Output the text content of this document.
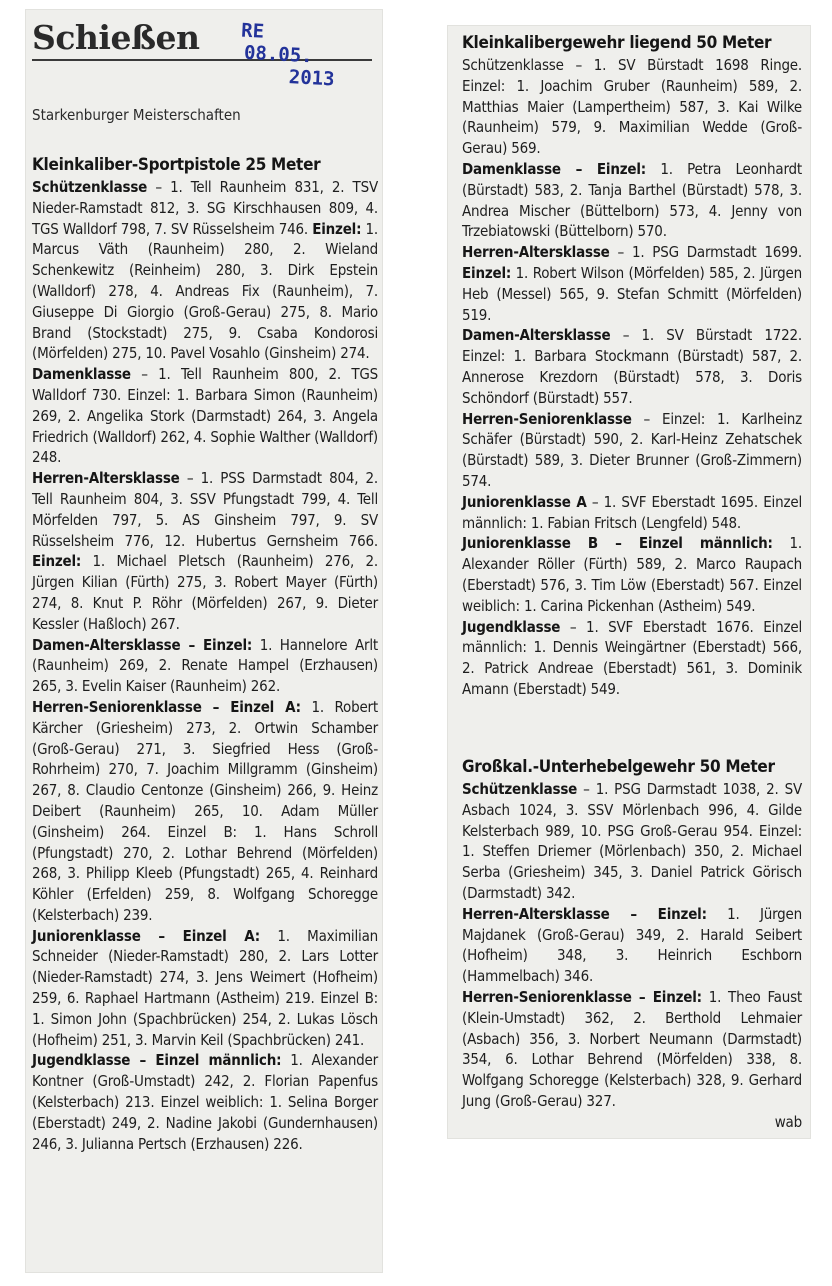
Schießen RE
08.05.
2013

Starkenburger Meisterschaften

Kleinkaliber-Sportpistole 25 Meter

Schützenklasse – 1. Tell Raunheim 831, 2. TSV Nieder-Ramstadt 812, 3. SG Kirschhausen 809, 4. TGS Walldorf 798, 7. SV Rüsselsheim 746. Einzel: 1. Marcus Väth (Raunheim) 280, 2. Wieland Schenkewitz (Reinheim) 280, 3. Dirk Epstein (Walldorf) 278, 4. Andreas Fix (Raunheim), 7. Giuseppe Di Giorgio (Groß-Gerau) 275, 8. Mario Brand (Stockstadt) 275, 9. Csaba Kondorosi (Mörfelden) 275, 10. Pavel Vosahlo (Ginsheim) 274.

Damenklasse – 1. Tell Raunheim 800, 2. TGS Walldorf 730. Einzel: 1. Barbara Simon (Raunheim) 269, 2. Angelika Stork (Darmstadt) 264, 3. Angela Friedrich (Walldorf) 262, 4. Sophie Walther (Walldorf) 248.

Herren-Altersklasse – 1. PSS Darmstadt 804, 2. Tell Raunheim 804, 3. SSV Pfungstadt 799, 4. Tell Mörfelden 797, 5. AS Ginsheim 797, 9. SV Rüsselsheim 776, 12. Hubertus Gernsheim 766. Einzel: 1. Michael Pletsch (Raunheim) 276, 2. Jürgen Kilian (Fürth) 275, 3. Robert Mayer (Fürth) 274, 8. Knut P. Röhr (Mörfelden) 267, 9. Dieter Kessler (Haßloch) 267.

Damen-Altersklasse – Einzel: 1. Hannelore Arlt (Raunheim) 269, 2. Renate Hampel (Erzhausen) 265, 3. Evelin Kaiser (Raunheim) 262.

Herren-Seniorenklasse – Einzel A: 1. Robert Kärcher (Griesheim) 273, 2. Ortwin Schamber (Groß-Gerau) 271, 3. Siegfried Hess (Groß-Rohrheim) 270, 7. Joachim Millgramm (Ginsheim) 267, 8. Claudio Centonze (Ginsheim) 266, 9. Heinz Deibert (Raunheim) 265, 10. Adam Müller (Ginsheim) 264. Einzel B: 1. Hans Schroll (Pfungstadt) 270, 2. Lothar Behrend (Mörfelden) 268, 3. Philipp Kleeb (Pfungstadt) 265, 4. Reinhard Köhler (Erfelden) 259, 8. Wolfgang Schoregge (Kelsterbach) 239.

Juniorenklasse – Einzel A: 1. Maximilian Schneider (Nieder-Ramstadt) 280, 2. Lars Lotter (Nieder-Ramstadt) 274, 3. Jens Weimert (Hofheim) 259, 6. Raphael Hartmann (Astheim) 219. Einzel B: 1. Simon John (Spachbrücken) 254, 2. Lukas Lösch (Hofheim) 251, 3. Marvin Keil (Spachbrücken) 241.

Jugendklasse – Einzel männlich: 1. Alexander Kontner (Groß-Umstadt) 242, 2. Florian Papenfus (Kelsterbach) 213. Einzel weiblich: 1. Selina Borger (Eberstadt) 249, 2. Nadine Jakobi (Gundernhausen) 246, 3. Julianna Pertsch (Erzhausen) 226.

Kleinkalibergewehr liegend 50 Meter

Schützenklasse – 1. SV Bürstadt 1698 Ringe. Einzel: 1. Joachim Gruber (Raunheim) 589, 2. Matthias Maier (Lampertheim) 587, 3. Kai Wilke (Raunheim) 579, 9. Maximilian Wedde (Groß-Gerau) 569.

Damenklasse – Einzel: 1. Petra Leonhardt (Bürstadt) 583, 2. Tanja Barthel (Bürstadt) 578, 3. Andrea Mischer (Büttelborn) 573, 4. Jenny von Trzebiatowski (Büttelborn) 570.

Herren-Altersklasse – 1. PSG Darmstadt 1699. Einzel: 1. Robert Wilson (Mörfelden) 585, 2. Jürgen Heb (Messel) 565, 9. Stefan Schmitt (Mörfelden) 519.

Damen-Altersklasse – 1. SV Bürstadt 1722. Einzel: 1. Barbara Stockmann (Bürstadt) 587, 2. Annerose Krezdorn (Bürstadt) 578, 3. Doris Schöndorf (Bürstadt) 557.

Herren-Seniorenklasse – Einzel: 1. Karlheinz Schäfer (Bürstadt) 590, 2. Karl-Heinz Zehatschek (Bürstadt) 589, 3. Dieter Brunner (Groß-Zimmern) 574.

Juniorenklasse A – 1. SVF Eberstadt 1695. Einzel männlich: 1. Fabian Fritsch (Lengfeld) 548.

Juniorenklasse B – Einzel männlich: 1. Alexander Röller (Fürth) 589, 2. Marco Raupach (Eberstadt) 576, 3. Tim Löw (Eberstadt) 567. Einzel weiblich: 1. Carina Pickenhan (Astheim) 549.

Jugendklasse – 1. SVF Eberstadt 1676. Einzel männlich: 1. Dennis Weingärtner (Eberstadt) 566, 2. Patrick Andreae (Eberstadt) 561, 3. Dominik Amann (Eberstadt) 549.

Großkal.-Unterhebelgewehr 50 Meter

Schützenklasse – 1. PSG Darmstadt 1038, 2. SV Asbach 1024, 3. SSV Mörlenbach 996, 4. Gilde Kelsterbach 989, 10. PSG Groß-Gerau 954. Einzel: 1. Steffen Driemer (Mörlenbach) 350, 2. Michael Serba (Griesheim) 345, 3. Daniel Patrick Görisch (Darmstadt) 342.

Herren-Altersklasse – Einzel: 1. Jürgen Majdanek (Groß-Gerau) 349, 2. Harald Seibert (Hofheim) 348, 3. Heinrich Eschborn (Hammelbach) 346.

Herren-Seniorenklasse – Einzel: 1. Theo Faust (Klein-Umstadt) 362, 2. Berthold Lehmaier (Asbach) 356, 3. Norbert Neumann (Darmstadt) 354, 6. Lothar Behrend (Mörfelden) 338, 8. Wolfgang Schoregge (Kelsterbach) 328, 9. Gerhard Jung (Groß-Gerau) 327.

wab
